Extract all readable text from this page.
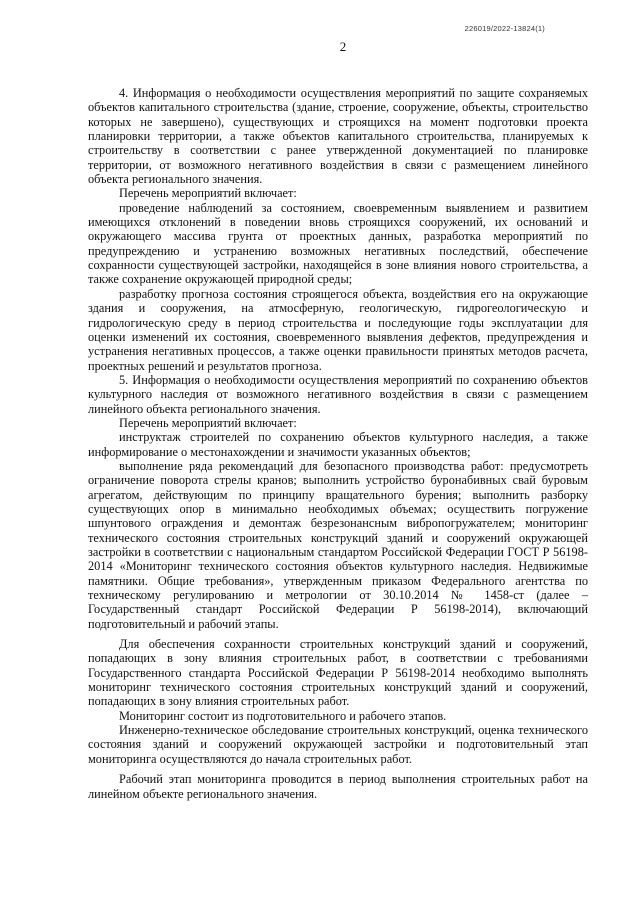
226019/2022-13824(1)
2

4. Информация о необходимости осуществления мероприятий по защите сохраняемых объектов капитального строительства (здание, строение, сооружение, объекты, строительство которых не завершено), существующих и строящихся на момент подготовки проекта планировки территории, а также объектов капитального строительства, планируемых к строительству в соответствии с ранее утвержденной документацией по планировке территории, от возможного негативного воздействия в связи с размещением линейного объекта регионального значения.

Перечень мероприятий включает:

проведение наблюдений за состоянием, своевременным выявлением и развитием имеющихся отклонений в поведении вновь строящихся сооружений, их оснований и окружающего массива грунта от проектных данных, разработка мероприятий по предупреждению и устранению возможных негативных последствий, обеспечение сохранности существующей застройки, находящейся в зоне влияния нового строительства, а также сохранение окружающей природной среды;

разработку прогноза состояния строящегося объекта, воздействия его на окружающие здания и сооружения, на атмосферную, геологическую, гидрогеологическую и гидрологическую среду в период строительства и последующие годы эксплуатации для оценки изменений их состояния, своевременного выявления дефектов, предупреждения и устранения негативных процессов, а также оценки правильности принятых методов расчета, проектных решений и результатов прогноза.

5. Информация о необходимости осуществления мероприятий по сохранению объектов культурного наследия от возможного негативного воздействия в связи с размещением линейного объекта регионального значения.

Перечень мероприятий включает:

инструктаж строителей по сохранению объектов культурного наследия, а также информирование о местонахождении и значимости указанных объектов;

выполнение ряда рекомендаций для безопасного производства работ: предусмотреть ограничение поворота стрелы кранов; выполнить устройство буронабивных свай буровым агрегатом, действующим по принципу вращательного бурения; выполнить разборку существующих опор в минимально необходимых объемах; осуществить погружение шпунтового ограждения и демонтаж безрезонансным вибропогружателем; мониторинг технического состояния строительных конструкций зданий и сооружений окружающей застройки в соответствии с национальным стандартом Российской Федерации ГОСТ Р 56198-2014 «Мониторинг технического состояния объектов культурного наследия. Недвижимые памятники. Общие требования», утвержденным приказом Федерального агентства по техническому регулированию и метрологии от 30.10.2014 № 1458-ст (далее – Государственный стандарт Российской Федерации Р 56198-2014), включающий подготовительный и рабочий этапы.

Для обеспечения сохранности строительных конструкций зданий и сооружений, попадающих в зону влияния строительных работ, в соответствии с требованиями Государственного стандарта Российской Федерации Р 56198-2014 необходимо выполнять мониторинг технического состояния строительных конструкций зданий и сооружений, попадающих в зону влияния строительных работ.

Мониторинг состоит из подготовительного и рабочего этапов.

Инженерно-техническое обследование строительных конструкций, оценка технического состояния зданий и сооружений окружающей застройки и подготовительный этап мониторинга осуществляются до начала строительных работ.

Рабочий этап мониторинга проводится в период выполнения строительных работ на линейном объекте регионального значения.
